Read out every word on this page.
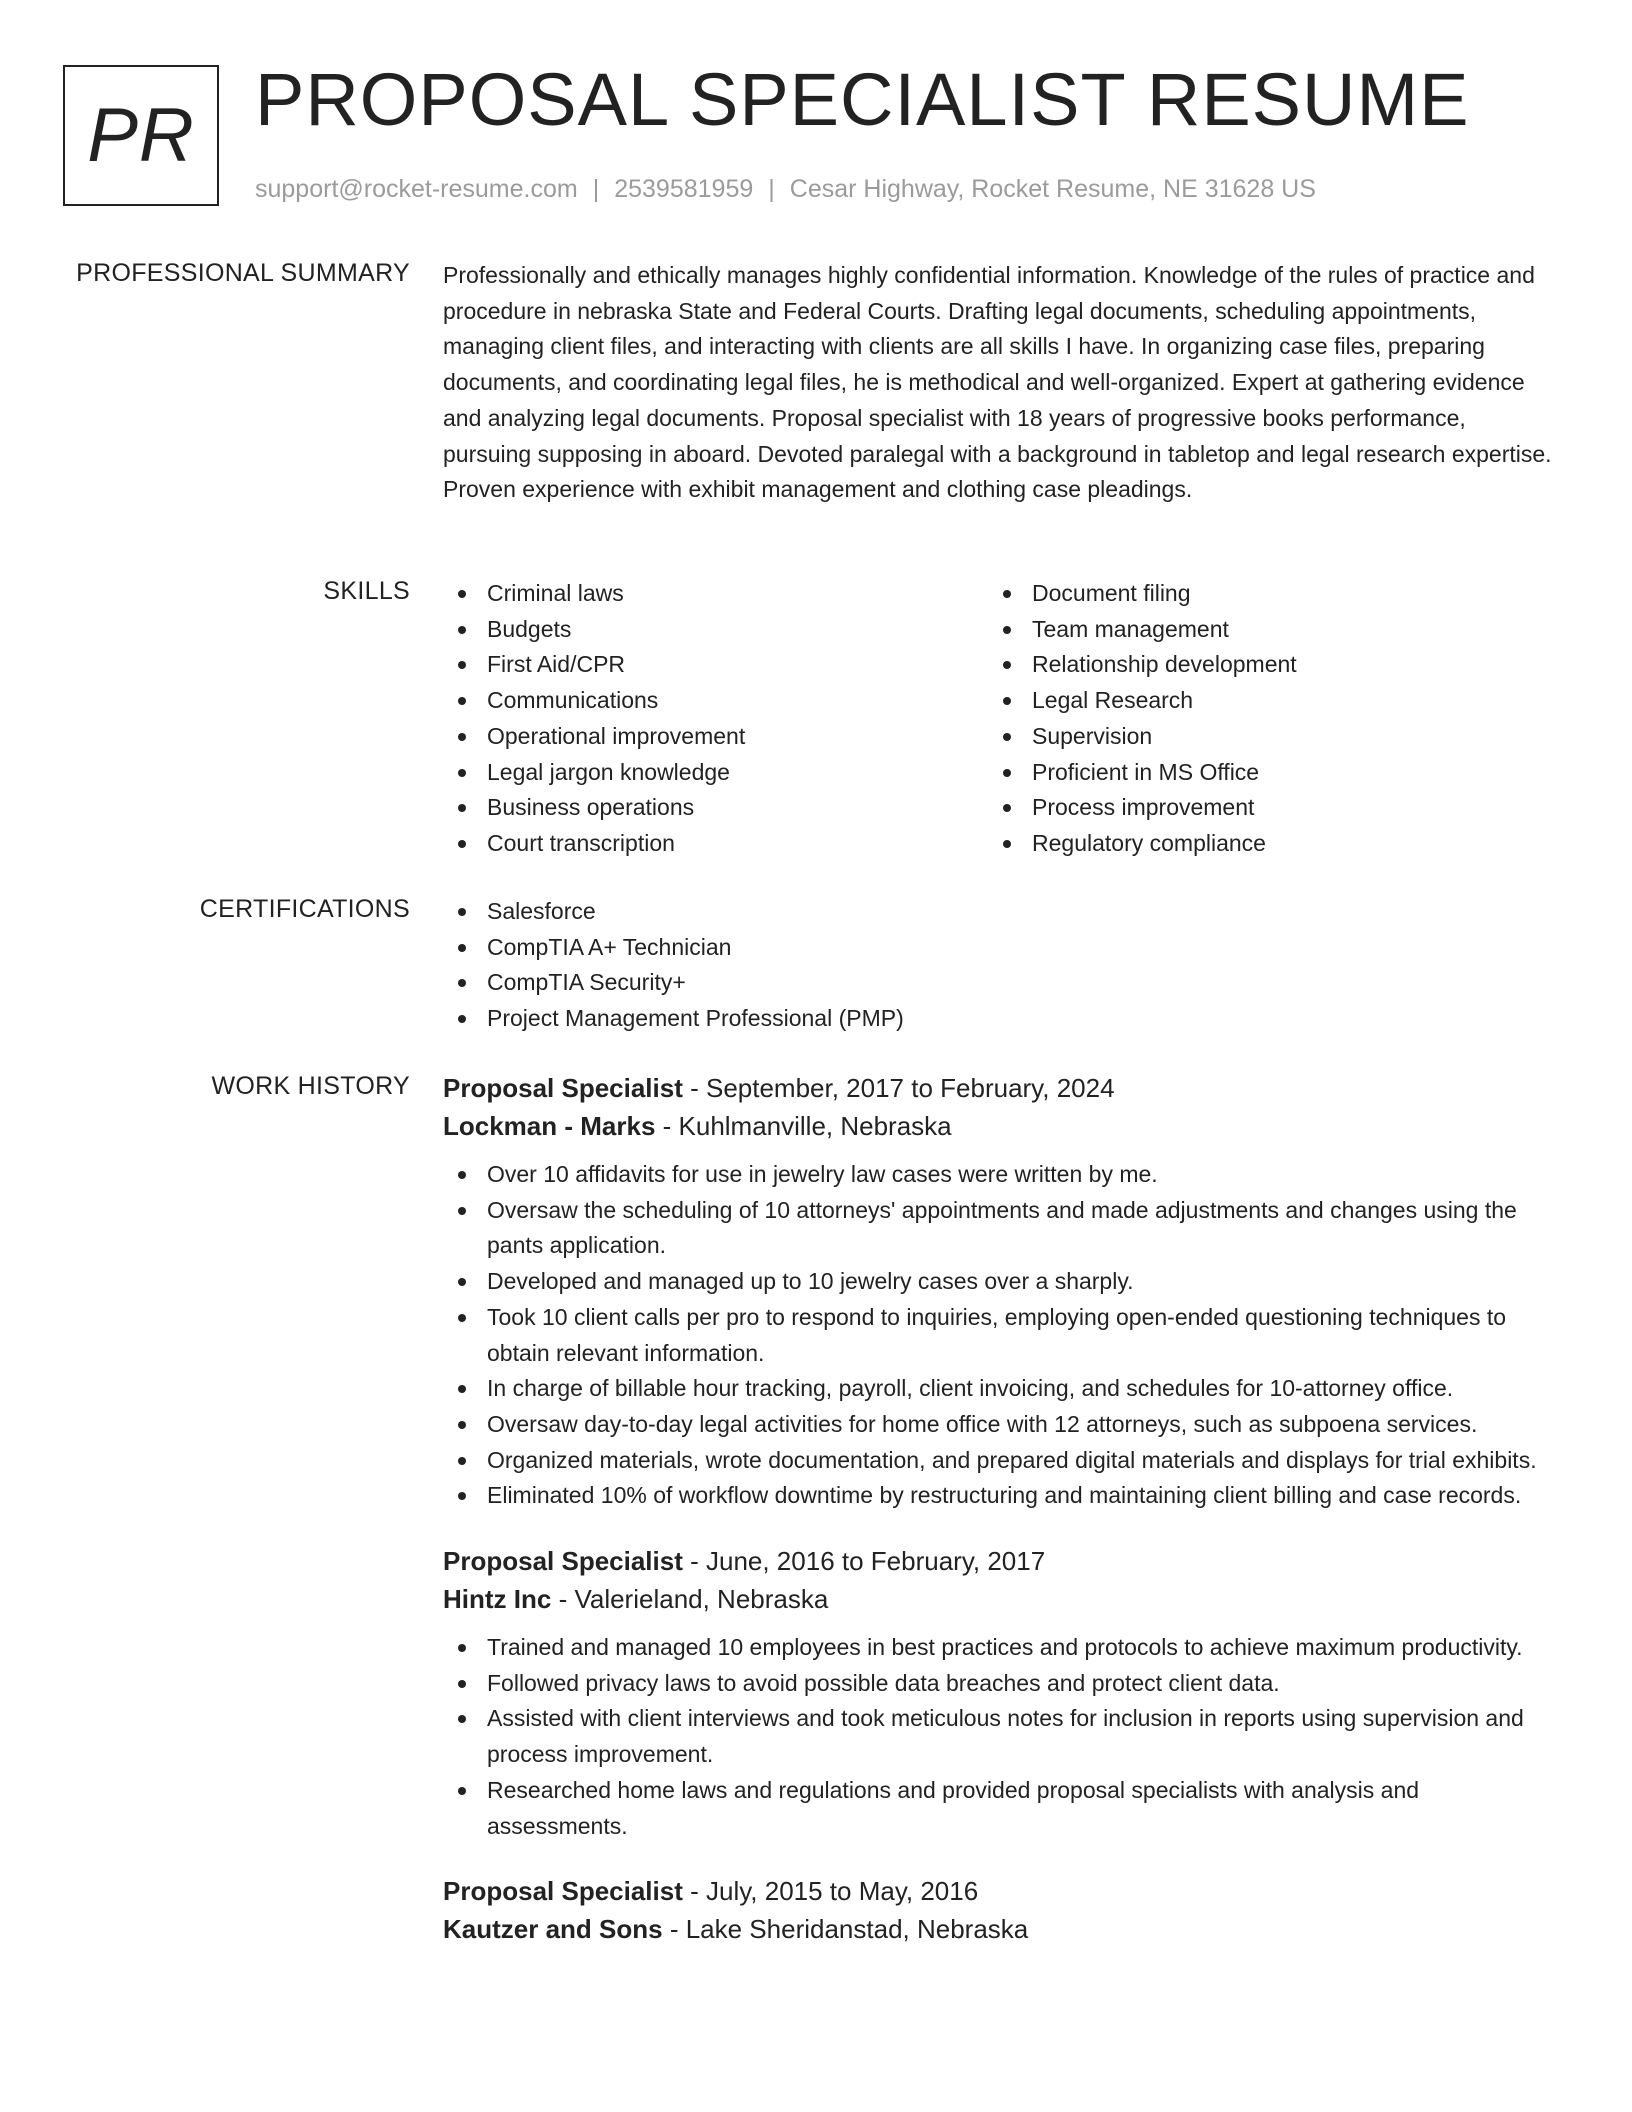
PR PROPOSAL SPECIALIST RESUME
support@rocket-resume.com | 2539581959 | Cesar Highway, Rocket Resume, NE 31628 US
PROFESSIONAL SUMMARY Professionally and ethically manages highly confidential information. Knowledge of the rules of practice and procedure in nebraska State and Federal Courts. Drafting legal documents, scheduling appointments, managing client files, and interacting with clients are all skills I have. In organizing case files, preparing documents, and coordinating legal files, he is methodical and well-organized. Expert at gathering evidence and analyzing legal documents. Proposal specialist with 18 years of progressive books performance, pursuing supposing in aboard. Devoted paralegal with a background in tabletop and legal research expertise. Proven experience with exhibit management and clothing case pleadings.

SKILLS	Criminal laws
Budgets
First Aid/CPR
Communications
Operational improvement
Legal jargon knowledge
Business operations
Court transcription
Document filing
Team management
Relationship development
Legal Research
Supervision
Proficient in MS Office
Process improvement
Regulatory compliance
CERTIFICATIONS	Salesforce
CompTIA A+ Technician
CompTIA Security+
Project Management Professional (PMP)
WORK HISTORY Proposal Specialist - September, 2017 to February, 2024
Lockman - Marks - Kuhlmanville, Nebraska
Over 10 affidavits for use in jewelry law cases were written by me.
Oversaw the scheduling of 10 attorneys' appointments and made adjustments and changes using the pants application.
Developed and managed up to 10 jewelry cases over a sharply.
Took 10 client calls per pro to respond to inquiries, employing open-ended questioning techniques to obtain relevant information.
In charge of billable hour tracking, payroll, client invoicing, and schedules for 10-attorney office.
Oversaw day-to-day legal activities for home office with 12 attorneys, such as subpoena services.
Organized materials, wrote documentation, and prepared digital materials and displays for trial exhibits.
Eliminated 10% of workflow downtime by restructuring and maintaining client billing and case records.
Proposal Specialist - June, 2016 to February, 2017
Hintz Inc - Valerieland, Nebraska
Trained and managed 10 employees in best practices and protocols to achieve maximum productivity.
Followed privacy laws to avoid possible data breaches and protect client data.
Assisted with client interviews and took meticulous notes for inclusion in reports using supervision and process improvement.
Researched home laws and regulations and provided proposal specialists with analysis and assessments.
Proposal Specialist - July, 2015 to May, 2016
Kautzer and Sons - Lake Sheridanstad, Nebraska
